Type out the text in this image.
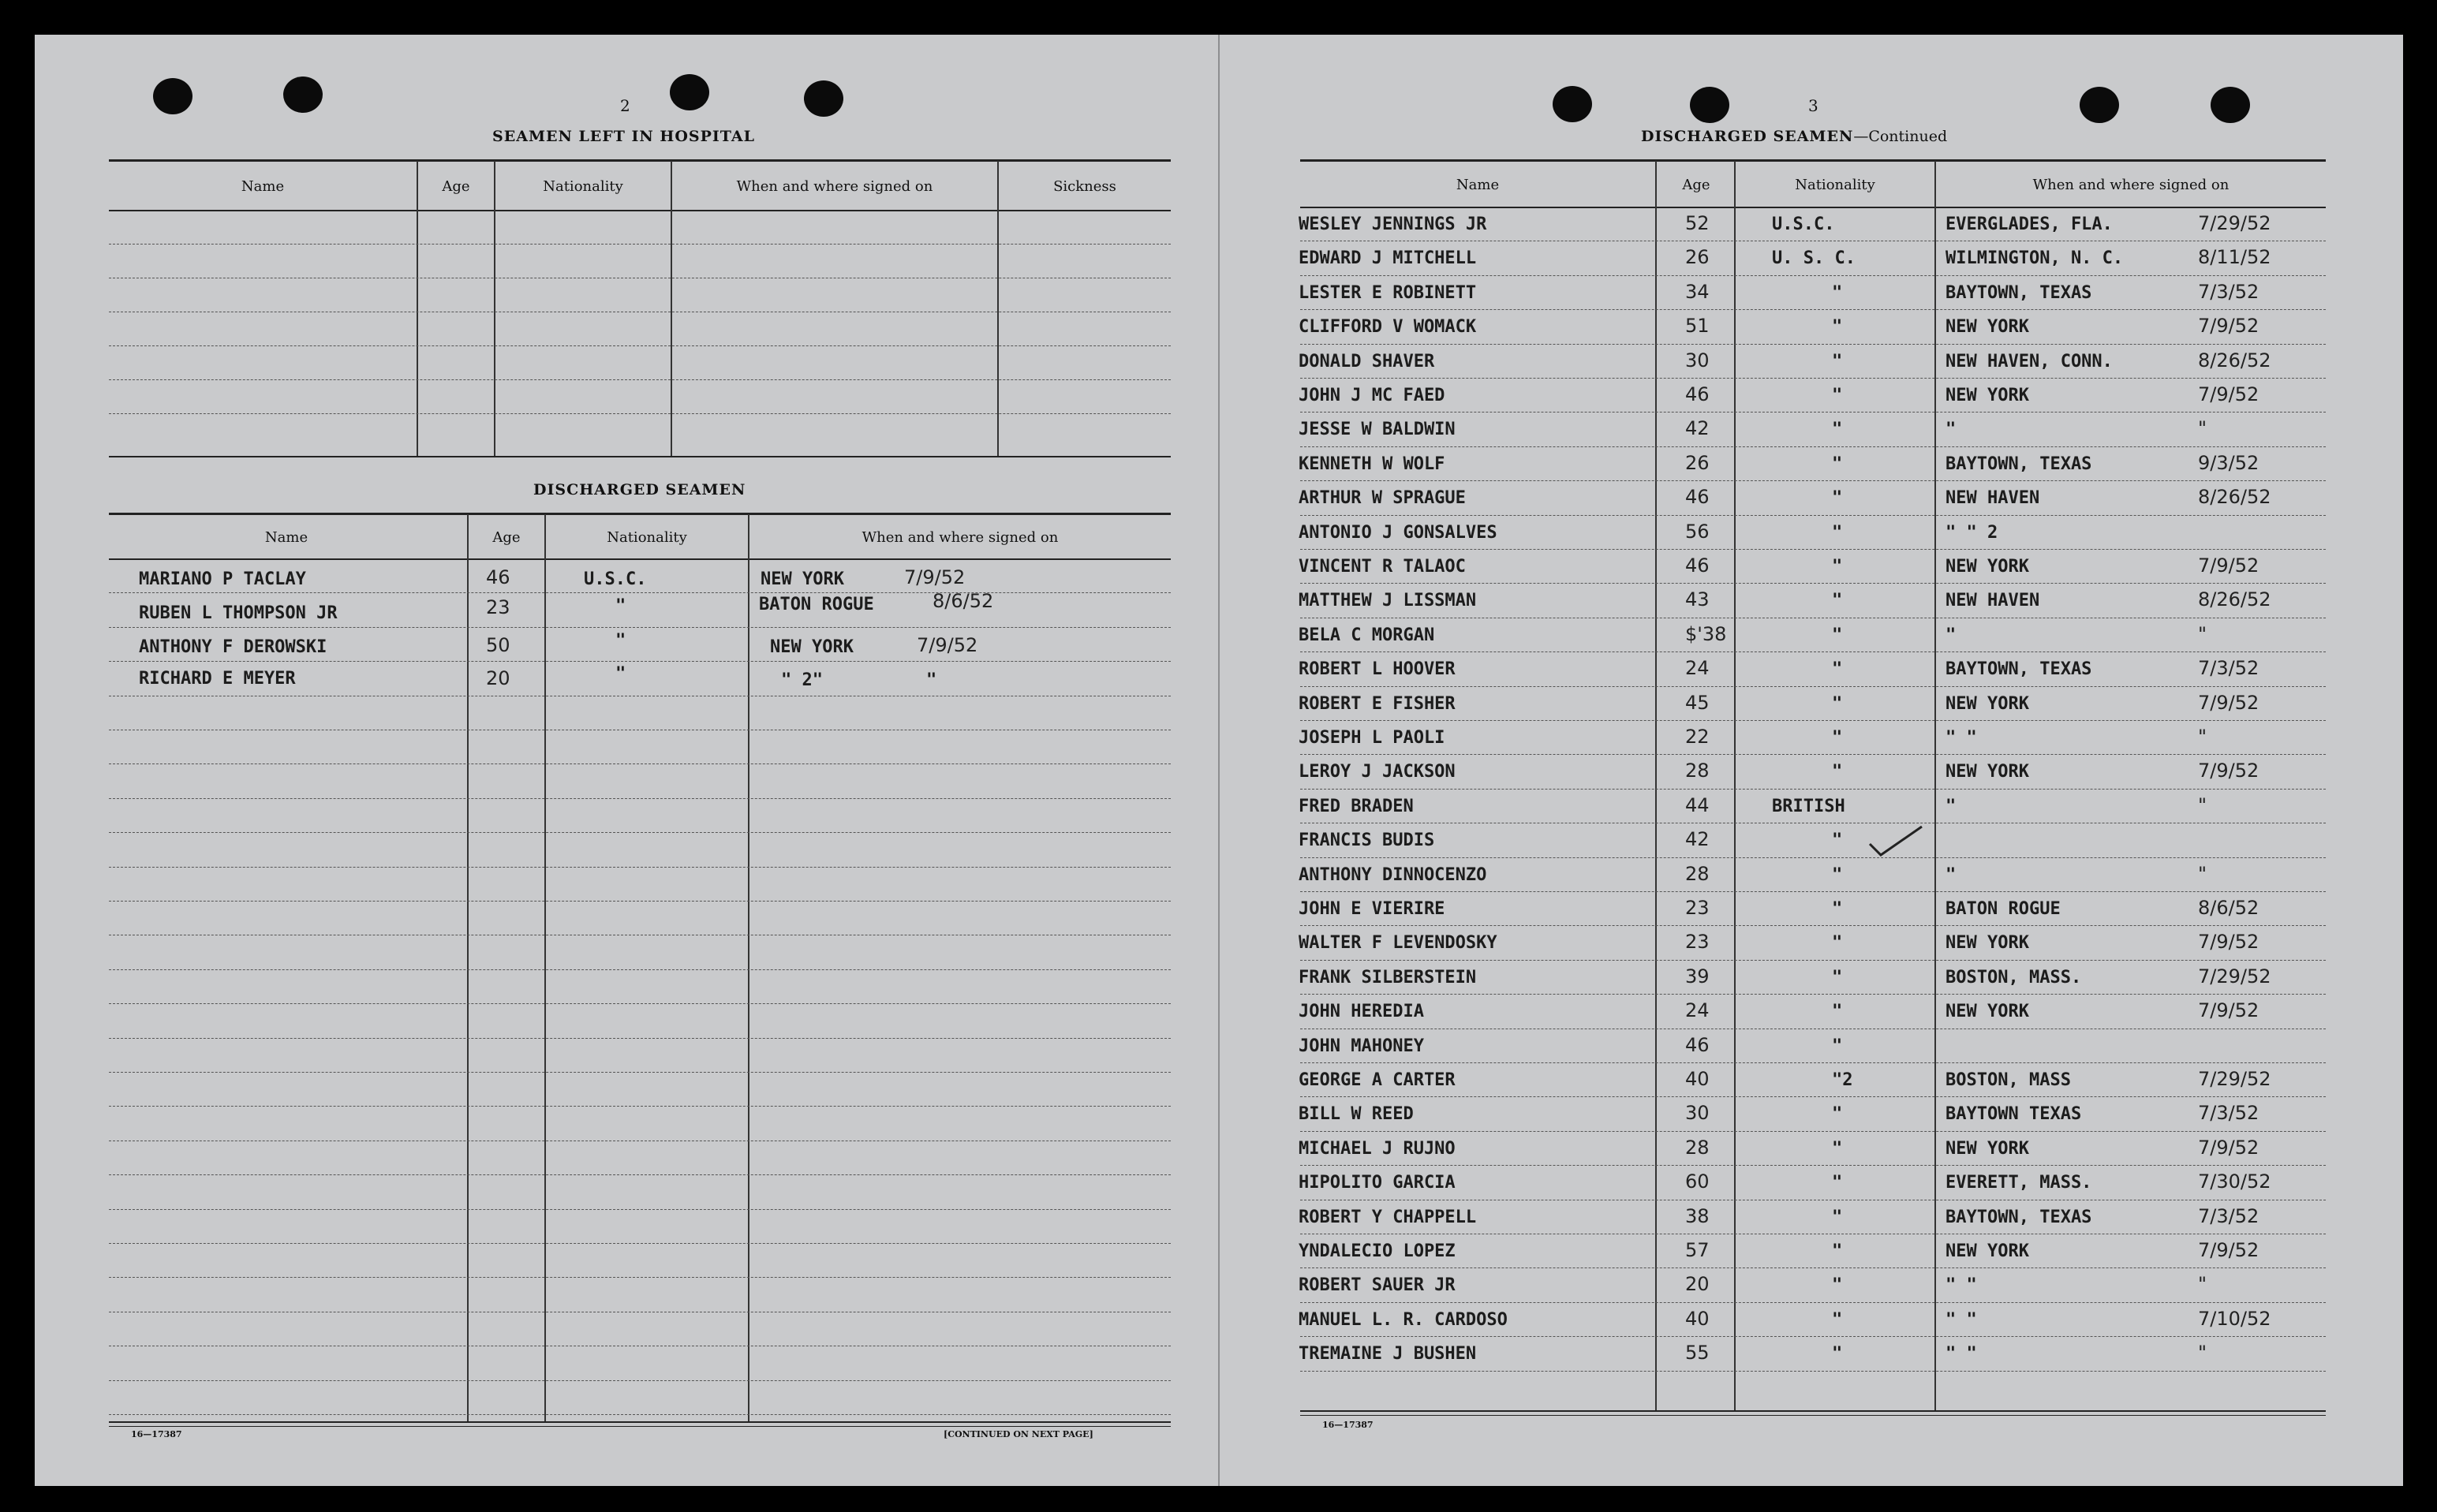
2
SEAMEN LEFT IN HOSPITAL
Name	Age	Nationality	When and where signed on	Sickness
DISCHARGED SEAMEN
Name	Age	Nationality	When and where signed on
MARIANO P TACLAY	46	U.S.C.	NEW YORK	7/9/52
RUBEN L THOMPSON JR	23	"	BATON ROGUE	8/6/52
ANTHONY F DEROWSKI	50	"	NEW YORK	7/9/52
RICHARD E MEYER	20	"	" 2"	"
16—17387	[CONTINUED ON NEXT PAGE]
3
DISCHARGED SEAMEN—Continued
Name	Age	Nationality	When and where signed on
WESLEY JENNINGS JR	52	U.S.C.	EVERGLADES, FLA.	7/29/52
EDWARD J MITCHELL	26	U. S. C.	WILMINGTON, N. C.	8/11/52
LESTER E ROBINETT	34	"	BAYTOWN, TEXAS	7/3/52
CLIFFORD V WOMACK	51	"	NEW YORK	7/9/52
DONALD SHAVER	30	"	NEW HAVEN, CONN.	8/26/52
JOHN J MC FAED	46	"	NEW YORK	7/9/52
JESSE W BALDWIN	42	"	"	"
KENNETH W WOLF	26	"	BAYTOWN, TEXAS	9/3/52
ARTHUR W SPRAGUE	46	"	NEW HAVEN	8/26/52
ANTONIO J GONSALVES	56	"	" " 2
VINCENT R TALAOC	46	"	NEW YORK	7/9/52
MATTHEW J LISSMAN	43	"	NEW HAVEN	8/26/52
BELA C MORGAN	$'38	"	"	"
ROBERT L HOOVER	24	"	BAYTOWN, TEXAS	7/3/52
ROBERT E FISHER	45	"	NEW YORK	7/9/52
JOSEPH L PAOLI	22	"	" "	"
LEROY J JACKSON	28	"	NEW YORK	7/9/52
FRED BRADEN	44	BRITISH	"	"
FRANCIS BUDIS	42	"
ANTHONY DINNOCENZO	28	"	"	"
JOHN E VIERIRE	23	"	BATON ROGUE	8/6/52
WALTER F LEVENDOSKY	23	"	NEW YORK	7/9/52
FRANK SILBERSTEIN	39	"	BOSTON, MASS.	7/29/52
JOHN HEREDIA	24	"	NEW YORK	7/9/52
JOHN MAHONEY	46	"
GEORGE A CARTER	40	"2	BOSTON, MASS	7/29/52
BILL W REED	30	"	BAYTOWN TEXAS	7/3/52
MICHAEL J RUJNO	28	"	NEW YORK	7/9/52
HIPOLITO GARCIA	60	"	EVERETT, MASS.	7/30/52
ROBERT Y CHAPPELL	38	"	BAYTOWN, TEXAS	7/3/52
YNDALECIO LOPEZ	57	"	NEW YORK	7/9/52
ROBERT SAUER JR	20	"	" "	"
MANUEL L. R. CARDOSO	40	"	" "	7/10/52
TREMAINE J BUSHEN	55	"	" "	"
16—17387
